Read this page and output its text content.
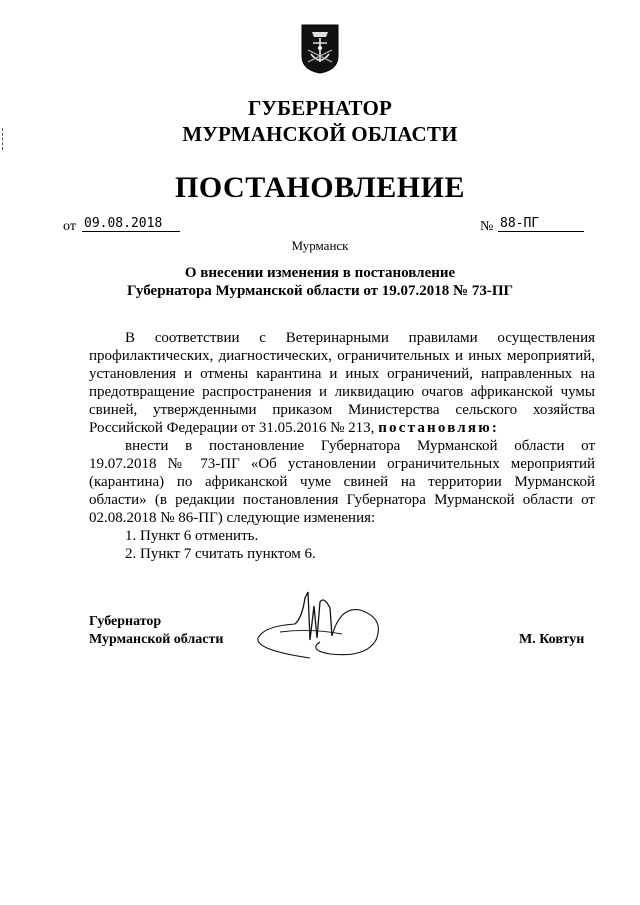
ГУБЕРНАТОР
МУРМАНСКОЙ ОБЛАСТИ
ПОСТАНОВЛЕНИЕ
от 09.08.2018	№ 88-ПГ
Мурманск
О внесении изменения в постановление
Губернатора Мурманской области от 19.07.2018 № 73-ПГ
В соответствии с Ветеринарными правилами осуществления
профилактических, диагностических, ограничительных и иных мероприятий,
установления и отмены карантина и иных ограничений, направленных на
предотвращение распространения и ликвидацию очагов африканской чумы
свиней, утвержденными приказом Министерства сельского хозяйства
Российской Федерации от 31.05.2016 № 213, постановляю:
внести в постановление Губернатора Мурманской области от
19.07.2018 № 73-ПГ «Об установлении ограничительных мероприятий
(карантина) по африканской чуме свиней на территории Мурманской
области» (в редакции постановления Губернатора Мурманской области от
02.08.2018 № 86-ПГ) следующие изменения:
1. Пункт 6 отменить.
2. Пункт 7 считать пунктом 6.
Губернатор
Мурманской области	М. Ковтун
